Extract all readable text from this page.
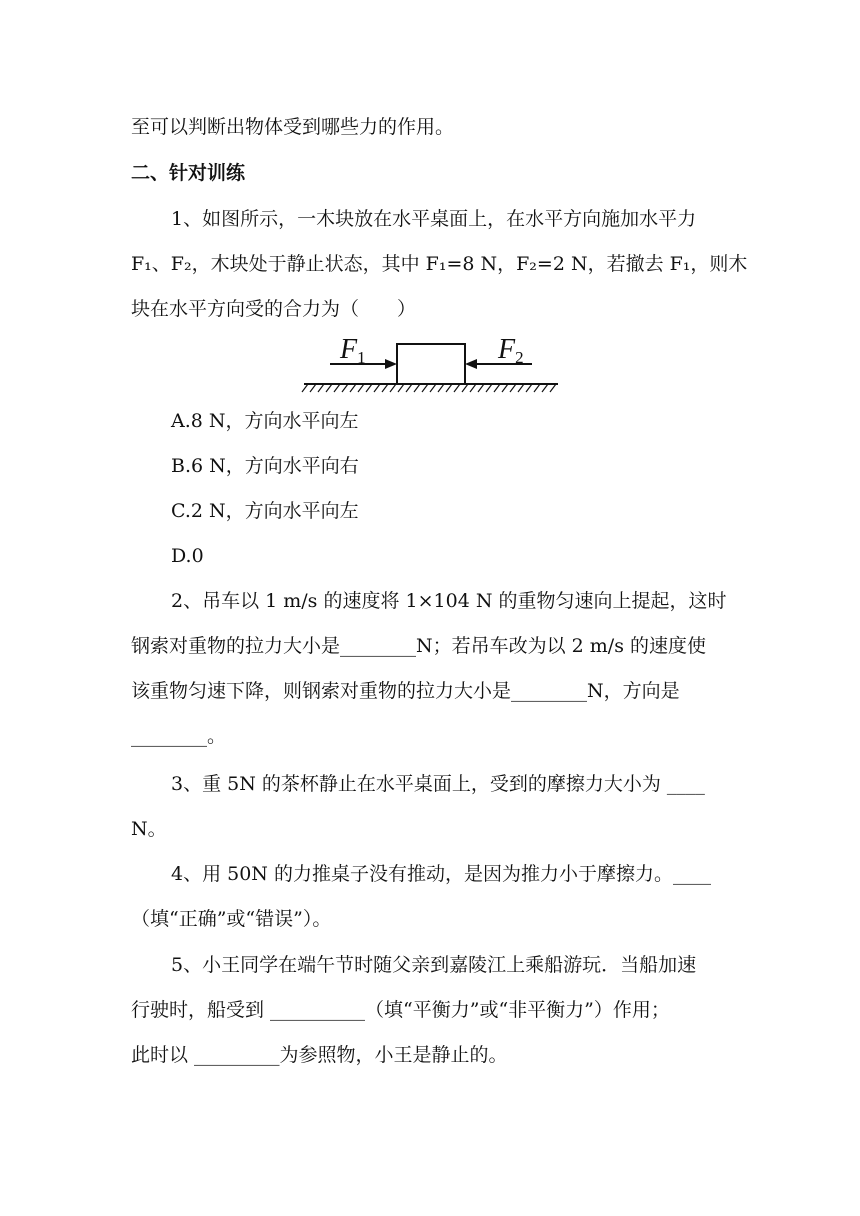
至可以判断出物体受到哪些力的作用。
二、针对训练
1、如图所示，一木块放在水平桌面上，在水平方向施加水平力
F₁、F₂，木块处于静止状态，其中 F₁=8 N，F₂=2 N，若撤去 F₁，则木
块在水平方向受的合力为（　　）
F1	F2
A.8 N，方向水平向左
B.6 N，方向水平向右
C.2 N，方向水平向左
D.0
2、吊车以 1 m/s 的速度将 1×104 N 的重物匀速向上提起，这时
钢索对重物的拉力大小是________N；若吊车改为以 2 m/s 的速度使
该重物匀速下降，则钢索对重物的拉力大小是________N，方向是
________。
3、重 5N 的茶杯静止在水平桌面上，受到的摩擦力大小为 ____
N。
4、用 50N 的力推桌子没有推动，是因为推力小于摩擦力。____
（填“正确”或“错误”）。
5、小王同学在端午节时随父亲到嘉陵江上乘船游玩．当船加速
行驶时，船受到 __________（填“平衡力”或“非平衡力”）作用；
此时以 _________为参照物，小王是静止的。
